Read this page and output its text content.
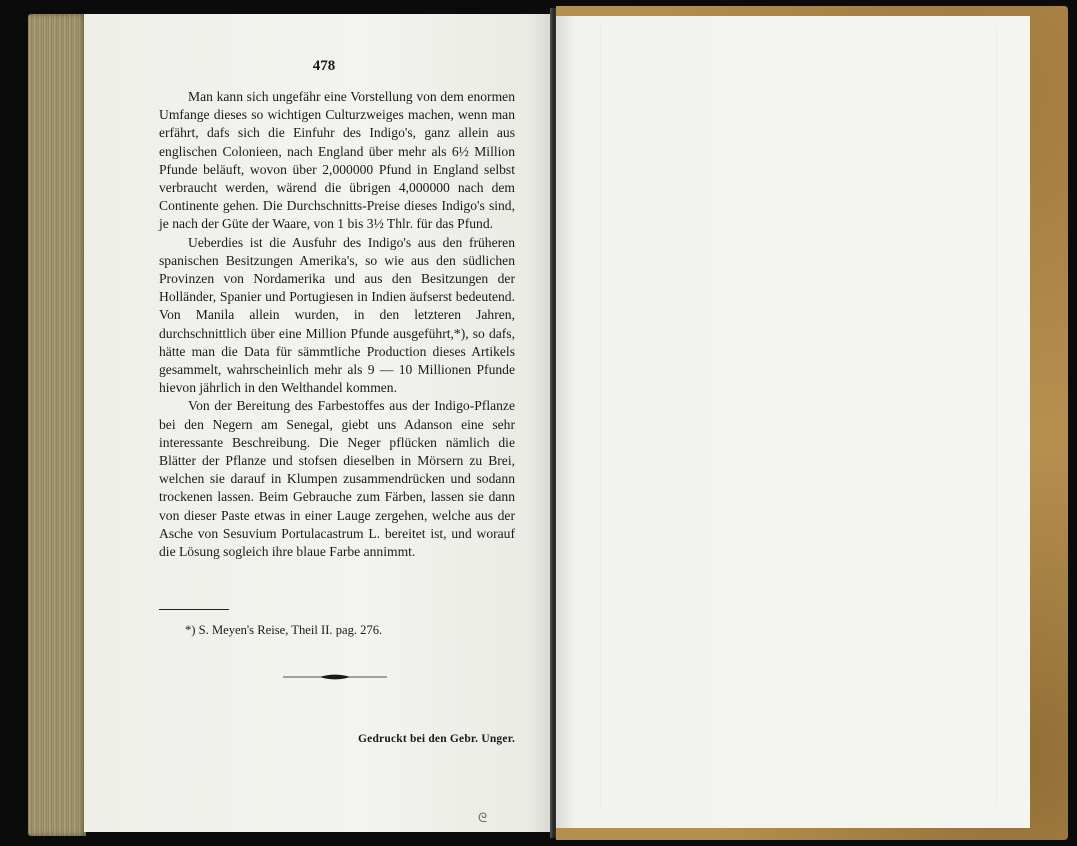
478

Man kann sich ungefähr eine Vorstellung von dem enormen Umfange dieses so wichtigen Culturzweiges machen, wenn man erfährt, dafs sich die Einfuhr des Indigo's, ganz allein aus englischen Colonieen, nach England über mehr als 6½ Million Pfunde beläuft, wovon über 2,000000 Pfund in England selbst verbraucht werden, wärend die übrigen 4,000000 nach dem Continente gehen. Die Durchschnitts-Preise dieses Indigo's sind, je nach der Güte der Waare, von 1 bis 3½ Thlr. für das Pfund.

Ueberdies ist die Ausfuhr des Indigo's aus den früheren spanischen Besitzungen Amerika's, so wie aus den südlichen Provinzen von Nordamerika und aus den Besitzungen der Holländer, Spanier und Portugiesen in Indien äufserst bedeutend. Von Manila allein wurden, in den letzteren Jahren, durchschnittlich über eine Million Pfunde ausgeführt,*), so dafs, hätte man die Data für sämmtliche Production dieses Artikels gesammelt, wahrscheinlich mehr als 9 — 10 Millionen Pfunde hievon jährlich in den Welthandel kommen.

Von der Bereitung des Farbestoffes aus der Indigo-Pflanze bei den Negern am Senegal, giebt uns Adanson eine sehr interessante Beschreibung. Die Neger pflücken nämlich die Blätter der Pflanze und stofsen dieselben in Mörsern zu Brei, welchen sie darauf in Klumpen zusammendrücken und sodann trockenen lassen. Beim Gebrauche zum Färben, lassen sie dann von dieser Paste etwas in einer Lauge zergehen, welche aus der Asche von Sesuvium Portulacastrum L. bereitet ist, und worauf die Lösung sogleich ihre blaue Farbe annimmt.

*) S. Meyen's Reise, Theil II. pag. 276.
Gedruckt bei den Gebr. Unger.
ᘓ
